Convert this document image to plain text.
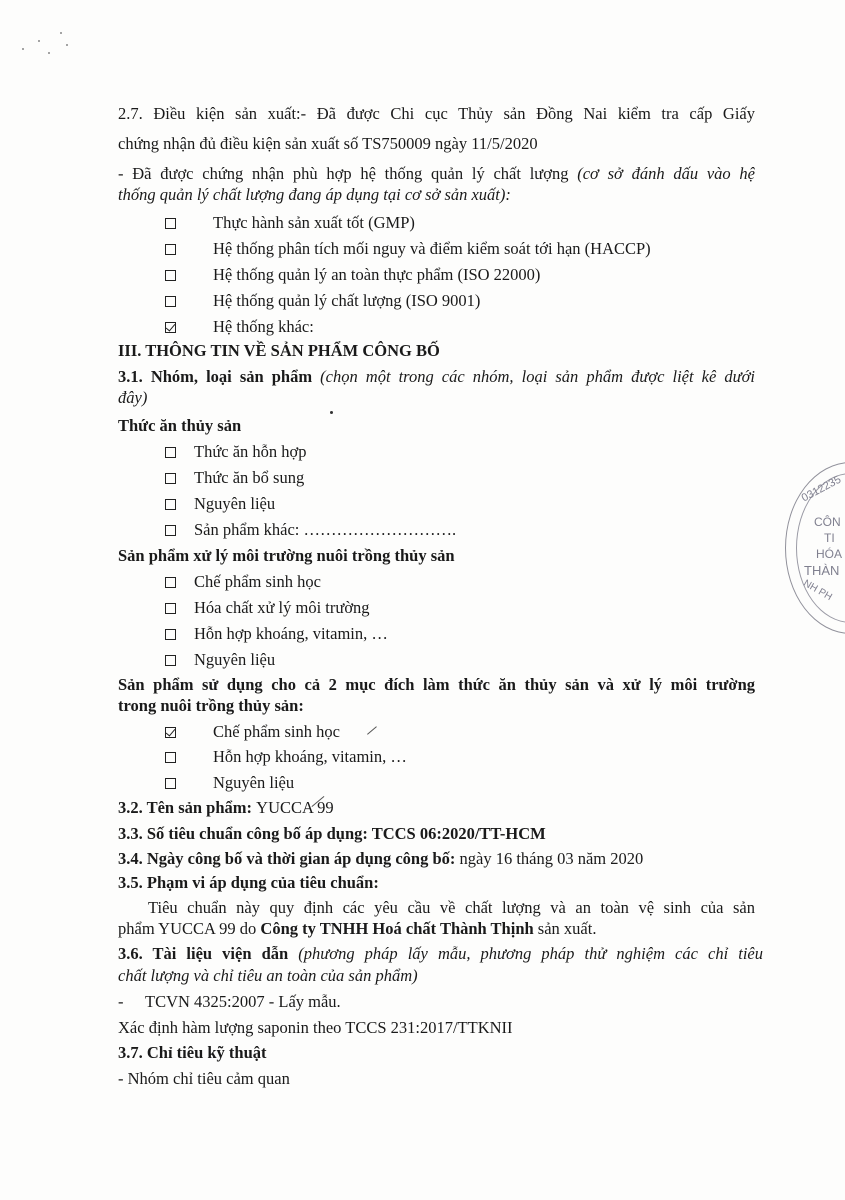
2.7. Điều kiện sản xuất:- Đã được Chi cục Thủy sản Đồng Nai kiểm tra cấp Giấy
chứng nhận đủ điều kiện sản xuất số TS750009 ngày 11/5/2020
- Đã được chứng nhận phù hợp hệ thống quản lý chất lượng (cơ sở đánh dấu vào hệ
thống quản lý chất lượng đang áp dụng tại cơ sở sản xuất):
Thực hành sản xuất tốt (GMP)
Hệ thống phân tích mối nguy và điểm kiểm soát tới hạn (HACCP)
Hệ thống quản lý an toàn thực phẩm (ISO 22000)
Hệ thống quản lý chất lượng (ISO 9001)
Hệ thống khác:
III. THÔNG TIN VỀ SẢN PHẨM CÔNG BỐ
3.1. Nhóm, loại sản phẩm (chọn một trong các nhóm, loại sản phẩm được liệt kê dưới
đây)
Thức ăn thủy sản
Thức ăn hỗn hợp
Thức ăn bổ sung
Nguyên liệu
Sản phẩm khác: ……………………….
Sản phẩm xử lý môi trường nuôi trồng thủy sản
Chế phẩm sinh học
Hóa chất xử lý môi trường
Hỗn hợp khoáng, vitamin, …
Nguyên liệu
Sản phẩm sử dụng cho cả 2 mục đích làm thức ăn thủy sản và xử lý môi trường
trong nuôi trồng thủy sản:
Chế phẩm sinh học
Hỗn hợp khoáng, vitamin, …
Nguyên liệu
3.2. Tên sản phẩm: YUCCA 99
3.3. Số tiêu chuẩn công bố áp dụng: TCCS 06:2020/TT-HCM
3.4. Ngày công bố và thời gian áp dụng công bố: ngày 16 tháng 03 năm 2020
3.5. Phạm vi áp dụng của tiêu chuẩn:
Tiêu chuẩn này quy định các yêu cầu về chất lượng và an toàn vệ sinh của sản
phẩm YUCCA 99 do Công ty TNHH Hoá chất Thành Thịnh sản xuất.
3.6. Tài liệu viện dẫn (phương pháp lấy mẫu, phương pháp thử nghiệm các chỉ tiêu
chất lượng và chỉ tiêu an toàn của sản phẩm)
- TCVN 4325:2007 - Lấy mẫu.
Xác định hàm lượng saponin theo TCCS 231:2017/TTKNII
3.7. Chỉ tiêu kỹ thuật
- Nhóm chỉ tiêu cảm quan
0312235
CÔN
TI
HÓA
THÀN
NH PH
